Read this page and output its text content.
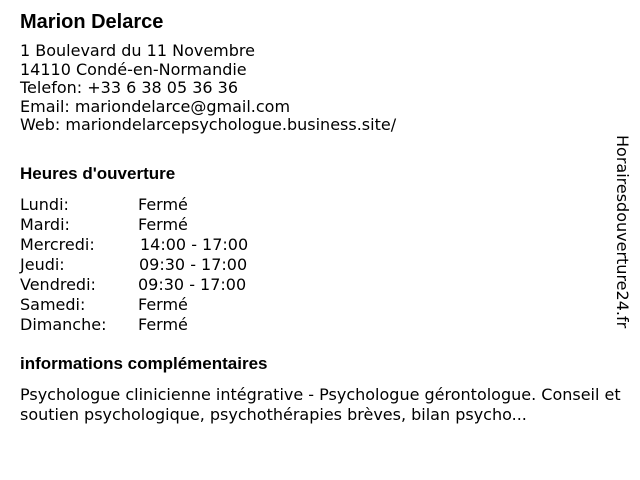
Marion Delarce
1 Boulevard du 11 Novembre
14110 Condé-en-Normandie
Telefon: +33 6 38 05 36 36
Email: mariondelarce@gmail.com
Web: mariondelarcepsychologue.business.site/
Heures d'ouverture
Lundi:	Fermé
Mardi:	Fermé
Mercredi:	14:00 - 17:00
Jeudi:	09:30 - 17:00
Vendredi:	09:30 - 17:00
Samedi:	Fermé
Dimanche: Fermé
informations complémentaires
Psychologue clinicienne intégrative - Psychologue gérontologue. Conseil et soutien psychologique, psychothérapies brèves, bilan psycho...
Horairesdouverture24.fr
